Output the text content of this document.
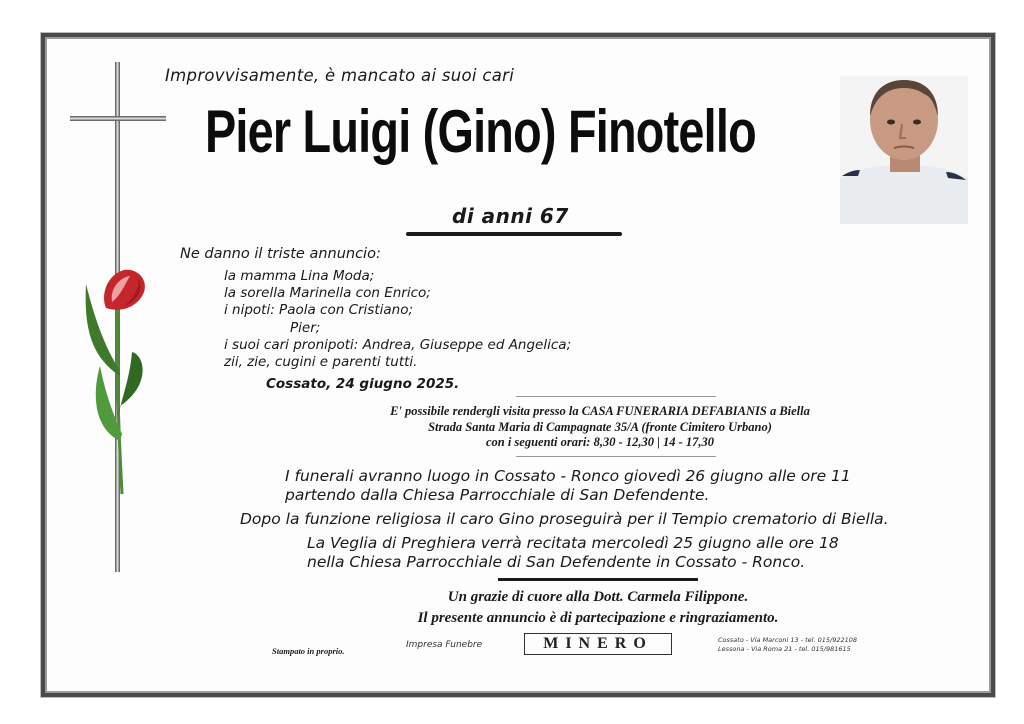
Improvvisamente, è mancato ai suoi cari
Pier Luigi (Gino) Finotello
di anni 67
Ne danno il triste annuncio:
la mamma Lina Moda;
la sorella Marinella con Enrico;
i nipoti: Paola con Cristiano;
Pier;
i suoi cari pronipoti: Andrea, Giuseppe ed Angelica;
zii, zie, cugini e parenti tutti.
Cossato, 24 giugno 2025.
E' possibile rendergli visita presso la CASA FUNERARIA DEFABIANIS a Biella
Strada Santa Maria di Campagnate 35/A (fronte Cimitero Urbano)
con i seguenti orari: 8,30 - 12,30 | 14 - 17,30
I funerali avranno luogo in Cossato - Ronco giovedì 26 giugno alle ore 11
partendo dalla Chiesa Parrocchiale di San Defendente.
Dopo la funzione religiosa il caro Gino proseguirà per il Tempio crematorio di Biella.
La Veglia di Preghiera verrà recitata mercoledì 25 giugno alle ore 18
nella Chiesa Parrocchiale di San Defendente in Cossato - Ronco.
Un grazie di cuore alla Dott. Carmela Filippone.
Il presente annuncio è di partecipazione e ringraziamento.
Stampato in proprio.
Impresa Funebre	MINERO	Cossato - Via Marconi 13 - tel. 015/922108
Lessona - Via Roma 21 - tel. 015/981615
